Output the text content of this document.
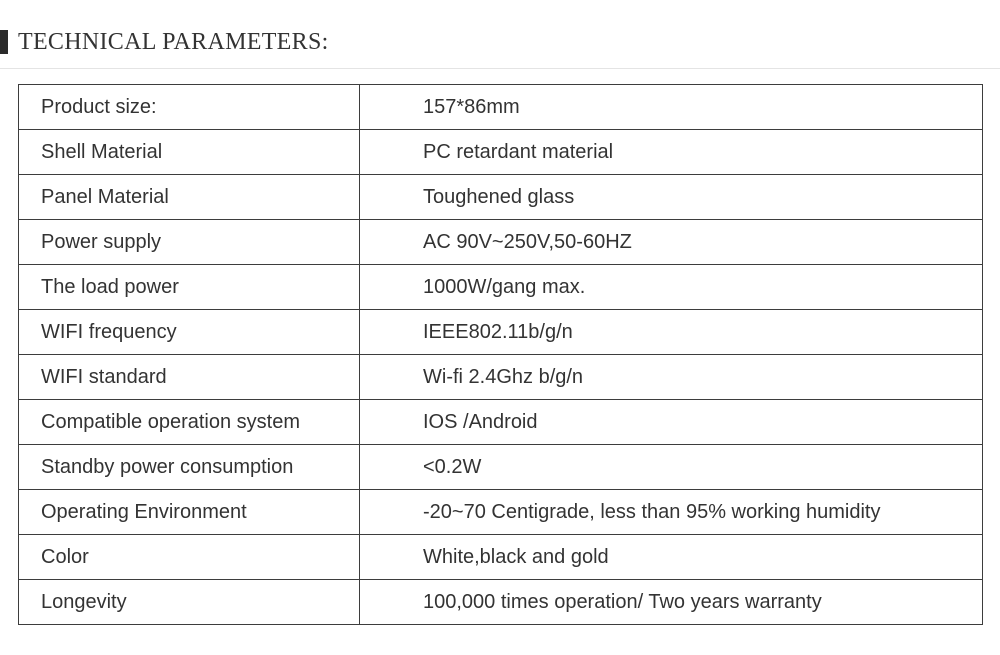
TECHNICAL PARAMETERS:
Product size:	157*86mm
Shell Material	PC retardant material
Panel Material	Toughened glass
Power supply	AC 90V~250V,50-60HZ
The load power	1000W/gang max.
WIFI frequency	IEEE802.11b/g/n
WIFI standard	Wi-fi 2.4Ghz b/g/n
Compatible operation system	IOS /Android
Standby power consumption	<0.2W
Operating Environment	-20~70 Centigrade, less than 95% working humidity
Color	White,black and gold
Longevity	100,000 times operation/ Two years warranty
